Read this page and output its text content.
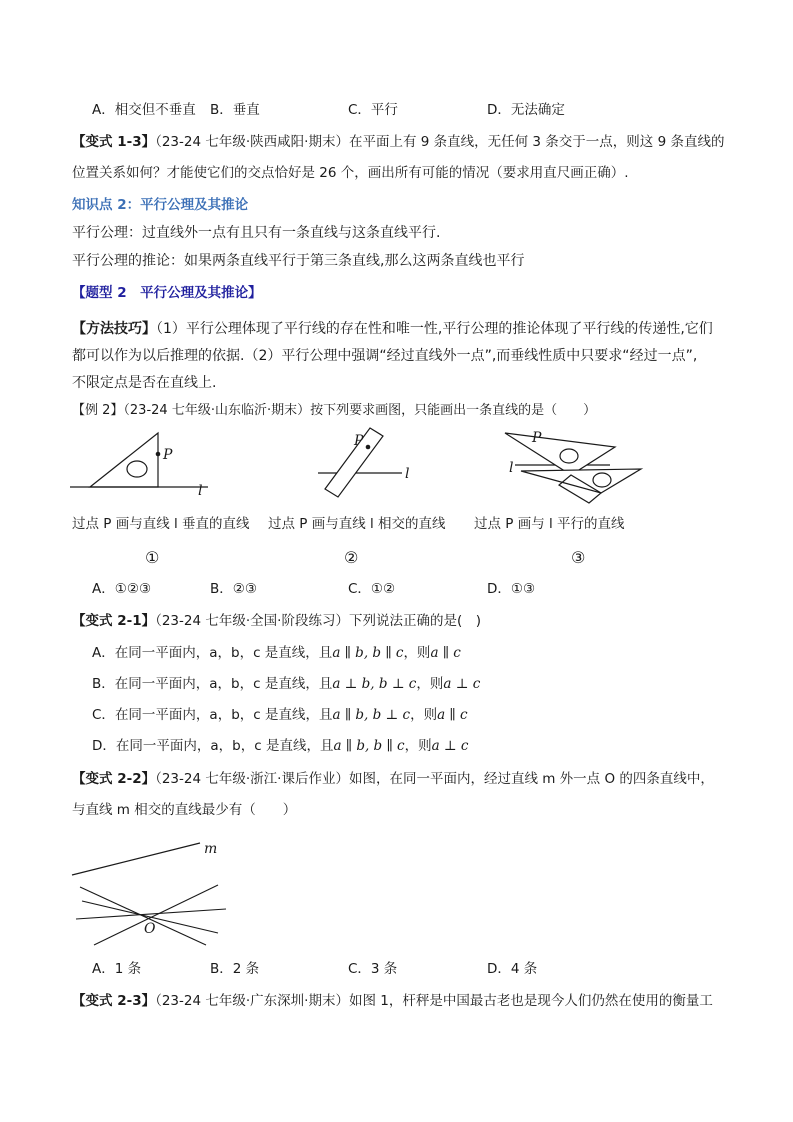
A．相交但不垂直 B．垂直	C．平行	D．无法确定
【变式 1-3】（23-24 七年级·陕西咸阳·期末）在平面上有 9 条直线，无任何 3 条交于一点，则这 9 条直线的
位置关系如何？才能使它们的交点恰好是 26 个，画出所有可能的情况（要求用直尺画正确）.
知识点 2：平行公理及其推论
平行公理：过直线外一点有且只有一条直线与这条直线平行.
平行公理的推论：如果两条直线平行于第三条直线,那么这两条直线也平行
【题型 2　平行公理及其推论】
【方法技巧】（1）平行公理体现了平行线的存在性和唯一性,平行公理的推论体现了平行线的传递性,它们
都可以作为以后推理的依据.（2）平行公理中强调“经过直线外一点”,而垂线性质中只要求“经过一点”,
不限定点是否在直线上.
【例 2】（23-24 七年级·山东临沂·期末）按下列要求画图，只能画出一条直线的是（　　）
P
l
P
l
P
l
过点 P 画与直线 l 垂直的直线 过点 P 画与直线 l 相交的直线 过点 P 画与 l 平行的直线
①	②	③
A．①②③	B．②③	C．①②	D．①③
【变式 2-1】（23-24 七年级·全国·阶段练习）下列说法正确的是(　)
A．在同一平面内，a，b，c 是直线，且a ∥ b, b ∥ c，则a ∥ c
B．在同一平面内，a，b，c 是直线，且a ⊥ b, b ⊥ c，则a ⊥ c
C．在同一平面内，a，b，c 是直线，且a ∥ b, b ⊥ c，则a ∥ c
D．在同一平面内，a，b，c 是直线，且a ∥ b, b ∥ c，则a ⊥ c
【变式 2-2】（23-24 七年级·浙江·课后作业）如图，在同一平面内，经过直线 m 外一点 O 的四条直线中，
与直线 m 相交的直线最少有（　　）
m
O
A．1 条	B．2 条	C．3 条	D．4 条
【变式 2-3】（23-24 七年级·广东深圳·期末）如图 1，杆秤是中国最古老也是现今人们仍然在使用的衡量工
